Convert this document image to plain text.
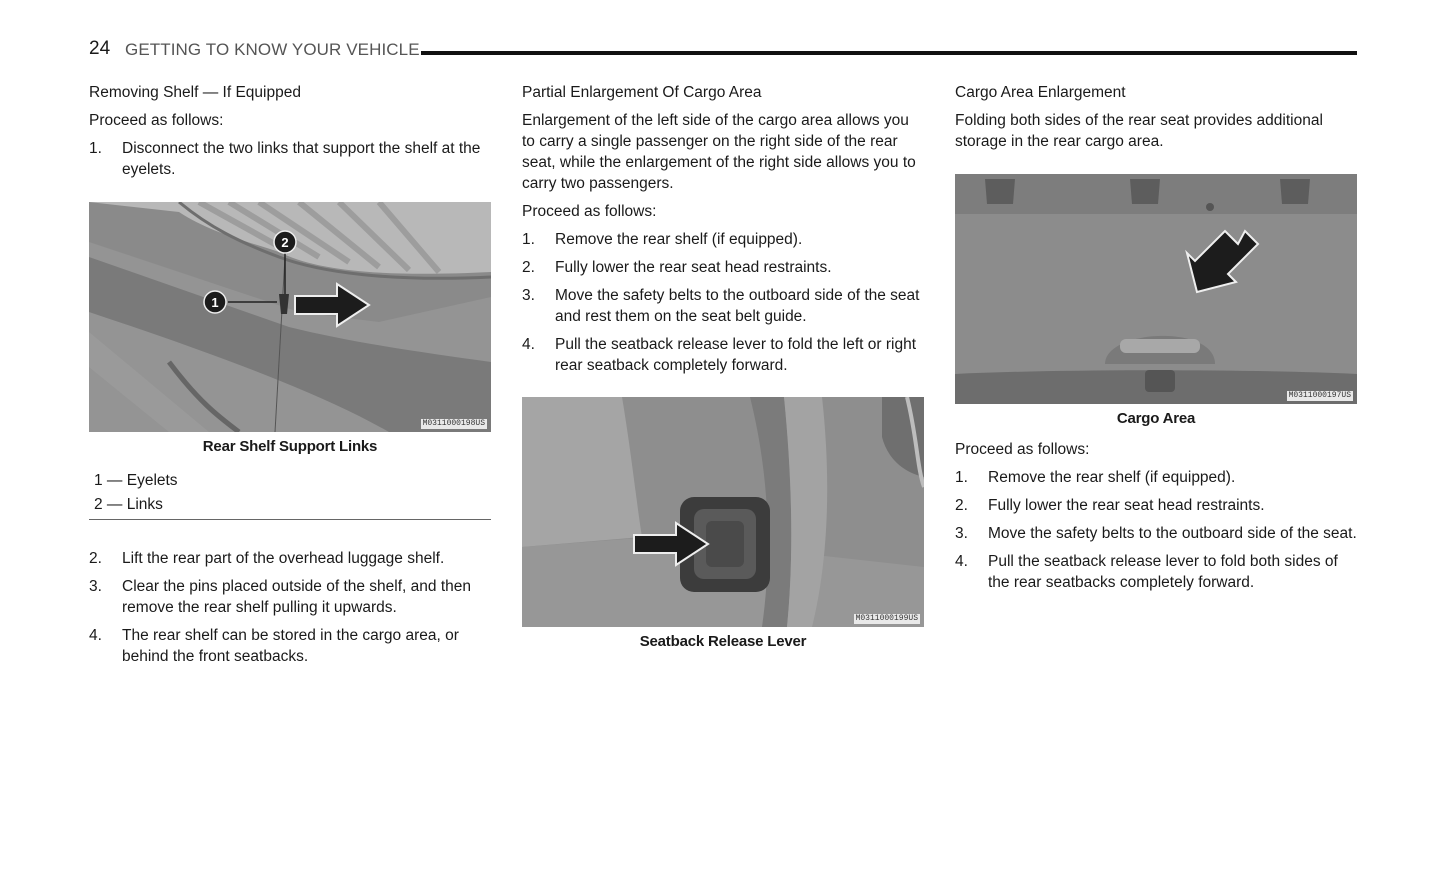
24 GETTING TO KNOW YOUR VEHICLE
Removing Shelf — If Equipped

Proceed as follows:

1. Disconnect the two links that support the shelf at the eyelets.
2
1
M0311000198US
Rear Shelf Support Links
1 — Eyelets
2 — Links
2. Lift the rear part of the overhead luggage shelf.
3. Clear the pins placed outside of the shelf, and then remove the rear shelf pulling it upwards.
4. The rear shelf can be stored in the cargo area, or behind the front seatbacks.
Partial Enlargement Of Cargo Area

Enlargement of the left side of the cargo area allows you to carry a single passenger on the right side of the rear seat, while the enlargement of the right side allows you to carry two passengers.

Proceed as follows:

1. Remove the rear shelf (if equipped).
2. Fully lower the rear seat head restraints.
3. Move the safety belts to the outboard side of the seat and rest them on the seat belt guide.
4. Pull the seatback release lever to fold the left or right rear seatback completely forward.
M0311000199US
Seatback Release Lever
Cargo Area Enlargement

Folding both sides of the rear seat provides additional storage in the rear cargo area.

M0311000197US
Cargo Area

Proceed as follows:

1. Remove the rear shelf (if equipped).
2. Fully lower the rear seat head restraints.
3. Move the safety belts to the outboard side of the seat.
4. Pull the seatback release lever to fold both sides of the rear seatbacks completely forward.
